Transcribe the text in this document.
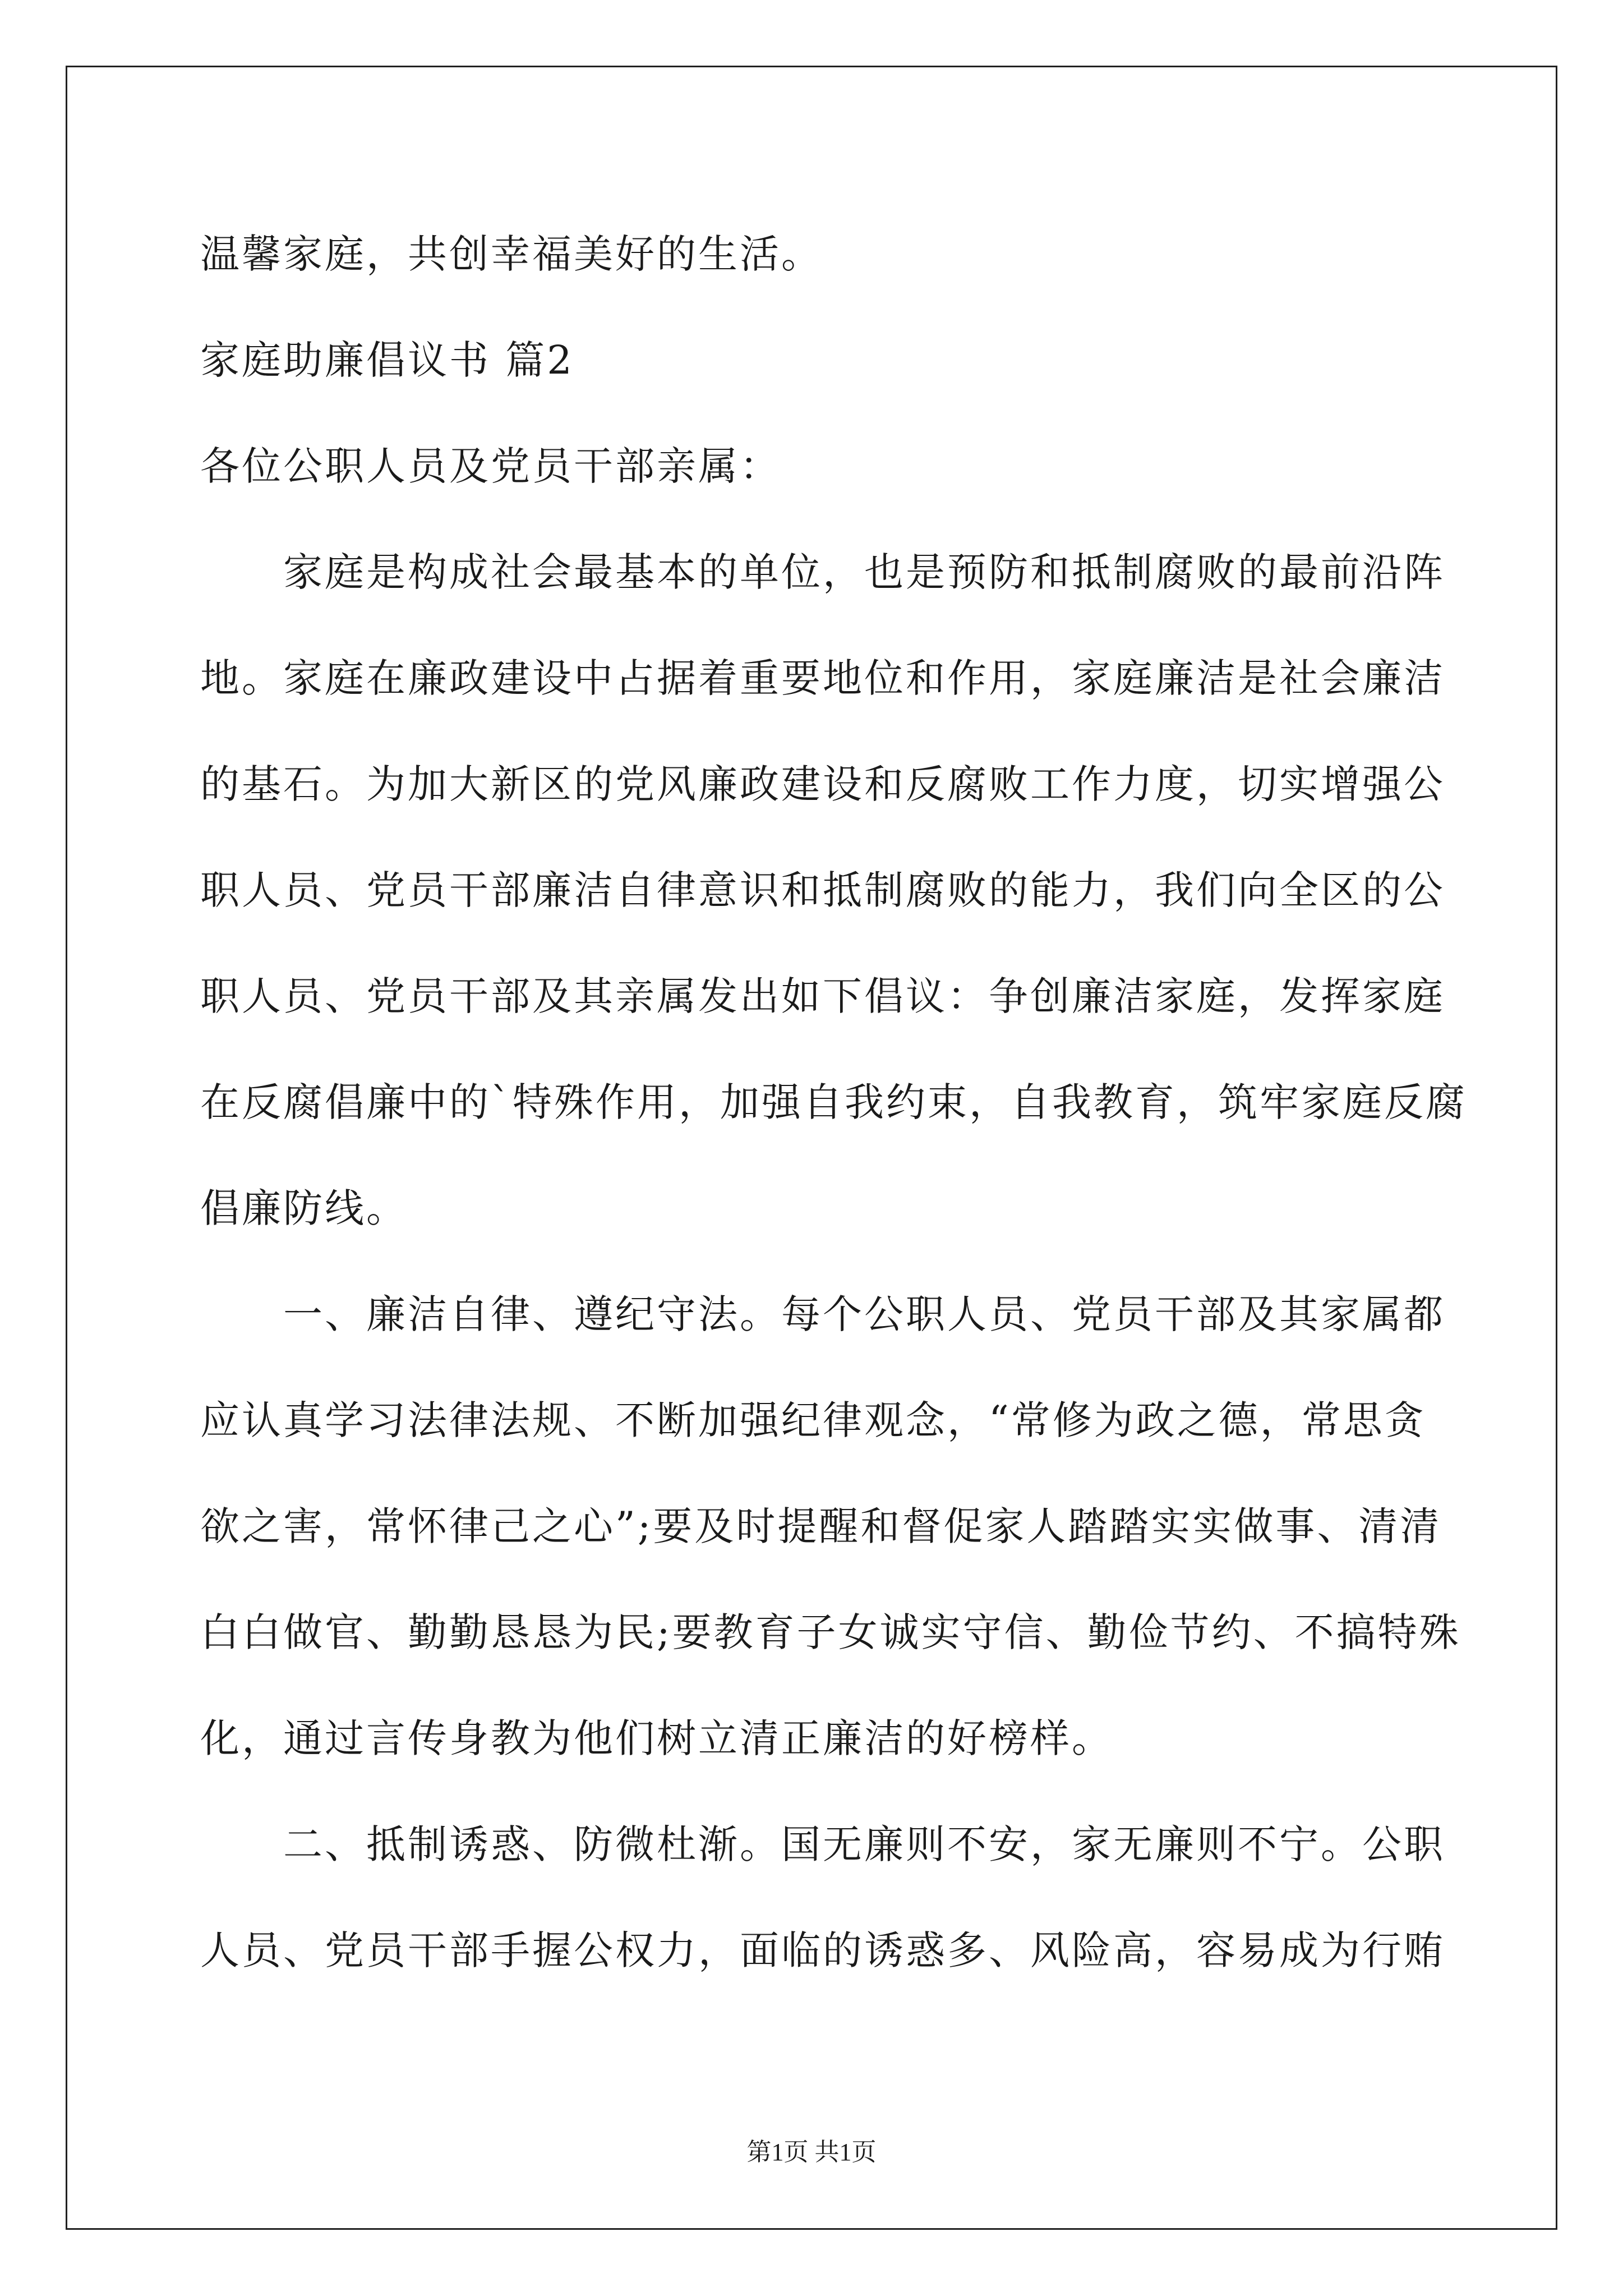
温馨家庭，共创幸福美好的生活。
家庭助廉倡议书 篇2
各位公职人员及党员干部亲属：
家庭是构成社会最基本的单位，也是预防和抵制腐败的最前沿阵
地。家庭在廉政建设中占据着重要地位和作用，家庭廉洁是社会廉洁
的基石。为加大新区的党风廉政建设和反腐败工作力度，切实增强公
职人员、党员干部廉洁自律意识和抵制腐败的能力，我们向全区的公
职人员、党员干部及其亲属发出如下倡议：争创廉洁家庭，发挥家庭
在反腐倡廉中的`特殊作用，加强自我约束，自我教育，筑牢家庭反腐
倡廉防线。
一、廉洁自律、遵纪守法。每个公职人员、党员干部及其家属都
应认真学习法律法规、不断加强纪律观念，“常修为政之德，常思贪
欲之害，常怀律己之心”;要及时提醒和督促家人踏踏实实做事、清清
白白做官、勤勤恳恳为民;要教育子女诚实守信、勤俭节约、不搞特殊
化，通过言传身教为他们树立清正廉洁的好榜样。
二、抵制诱惑、防微杜渐。国无廉则不安，家无廉则不宁。公职
人员、党员干部手握公权力，面临的诱惑多、风险高，容易成为行贿
第1页 共1页
